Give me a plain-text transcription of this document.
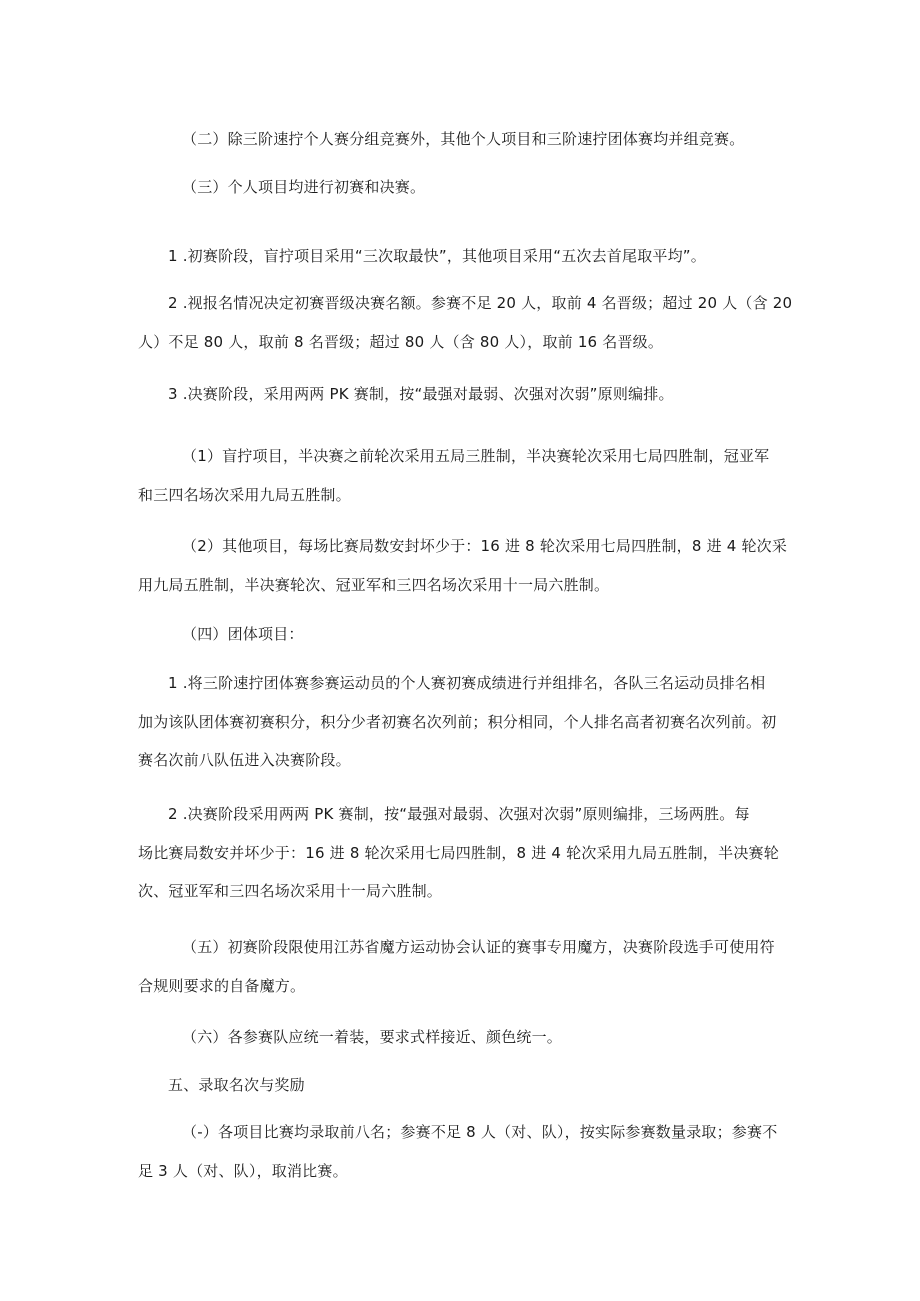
（二）除三阶速拧个人赛分组竞赛外，其他个人项目和三阶速拧团体赛均并组竞赛。

（三）个人项目均进行初赛和决赛。

1 .初赛阶段，盲拧项目采用“三次取最快”，其他项目采用“五次去首尾取平均”。

2 .视报名情况决定初赛晋级决赛名额。参赛不足 20 人，取前 4 名晋级；超过 20 人（含 20
人）不足 80 人，取前 8 名晋级；超过 80 人（含 80 人），取前 16 名晋级。

3 .决赛阶段，采用两两 PK 赛制，按“最强对最弱、次强对次弱”原则编排。

（1）盲拧项目，半决赛之前轮次采用五局三胜制，半决赛轮次采用七局四胜制，冠亚军
和三四名场次采用九局五胜制。

（2）其他项目，每场比赛局数安封坏少于：16 进 8 轮次采用七局四胜制，8 进 4 轮次采
用九局五胜制，半决赛轮次、冠亚军和三四名场次采用十一局六胜制。

（四）团体项目：

1 .将三阶速拧团体赛参赛运动员的个人赛初赛成绩进行并组排名，各队三名运动员排名相
加为该队团体赛初赛积分，积分少者初赛名次列前；积分相同，个人排名高者初赛名次列前。初
赛名次前八队伍进入决赛阶段。

2 .决赛阶段采用两两 PK 赛制，按“最强对最弱、次强对次弱”原则编排，三场两胜。每
场比赛局数安并坏少于：16 进 8 轮次采用七局四胜制，8 进 4 轮次采用九局五胜制，半决赛轮
次、冠亚军和三四名场次采用十一局六胜制。

（五）初赛阶段限使用江苏省魔方运动协会认证的赛事专用魔方，决赛阶段选手可使用符
合规则要求的自备魔方。

（六）各参赛队应统一着装，要求式样接近、颜色统一。

五、录取名次与奖励

（-）各项目比赛均录取前八名；参赛不足 8 人（对、队），按实际参赛数量录取；参赛不
足 3 人（对、队），取消比赛。
